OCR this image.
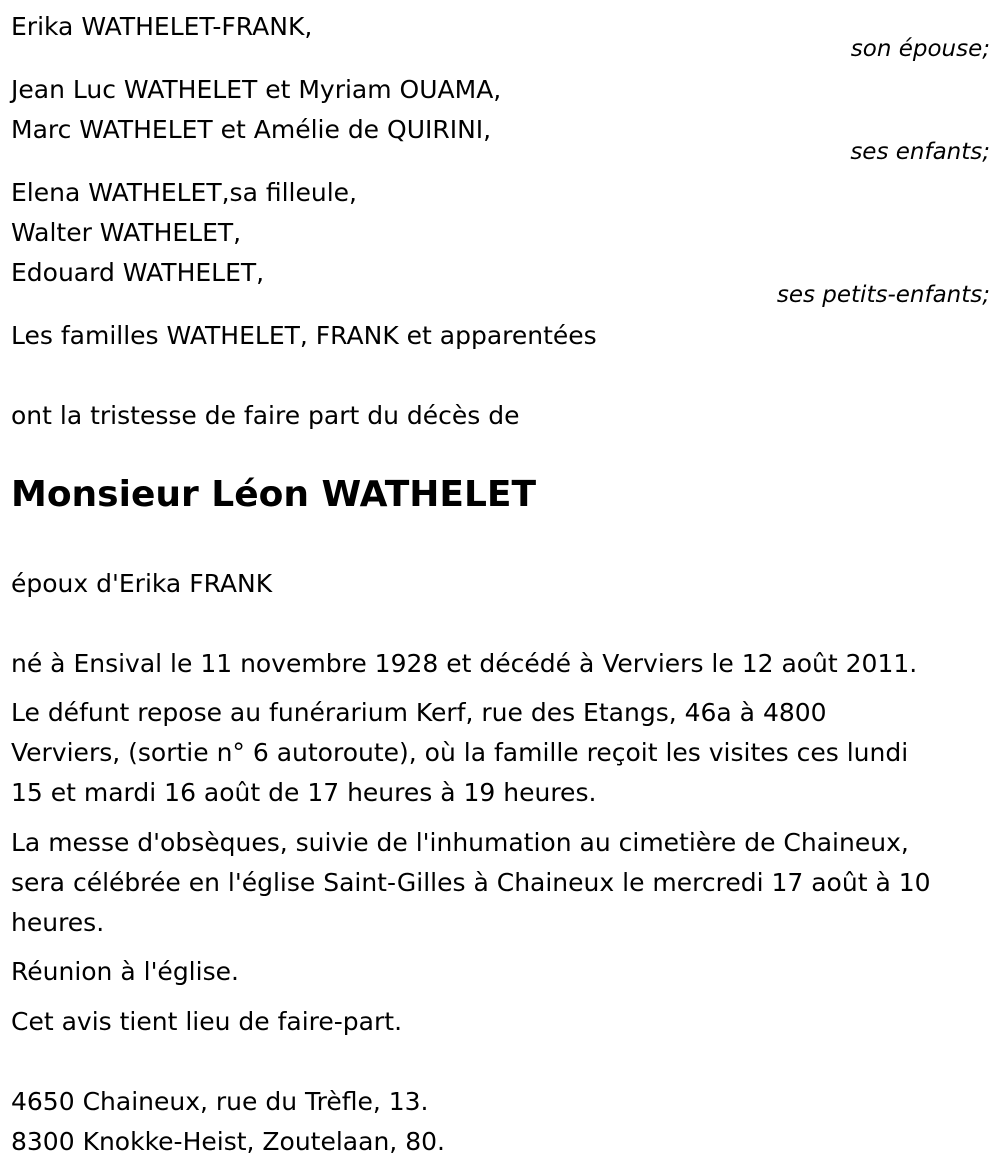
Erika WATHELET-FRANK,
son épouse;
Jean Luc WATHELET et Myriam OUAMA,
Marc WATHELET et Amélie de QUIRINI,
ses enfants;
Elena WATHELET,sa filleule,
Walter WATHELET,
Edouard WATHELET,
ses petits-enfants;
Les familles WATHELET, FRANK et apparentées
ont la tristesse de faire part du décès de
Monsieur Léon WATHELET
époux d'Erika FRANK
né à Ensival le 11 novembre 1928 et décédé à Verviers le 12 août 2011.
Le défunt repose au funérarium Kerf, rue des Etangs, 46a à 4800
Verviers, (sortie n° 6 autoroute), où la famille reçoit les visites ces lundi
15 et mardi 16 août de 17 heures à 19 heures.
La messe d'obsèques, suivie de l'inhumation au cimetière de Chaineux,
sera célébrée en l'église Saint-Gilles à Chaineux le mercredi 17 août à 10
heures.
Réunion à l'église.
Cet avis tient lieu de faire-part.
4650 Chaineux, rue du Trèfle, 13.
8300 Knokke-Heist, Zoutelaan, 80.
